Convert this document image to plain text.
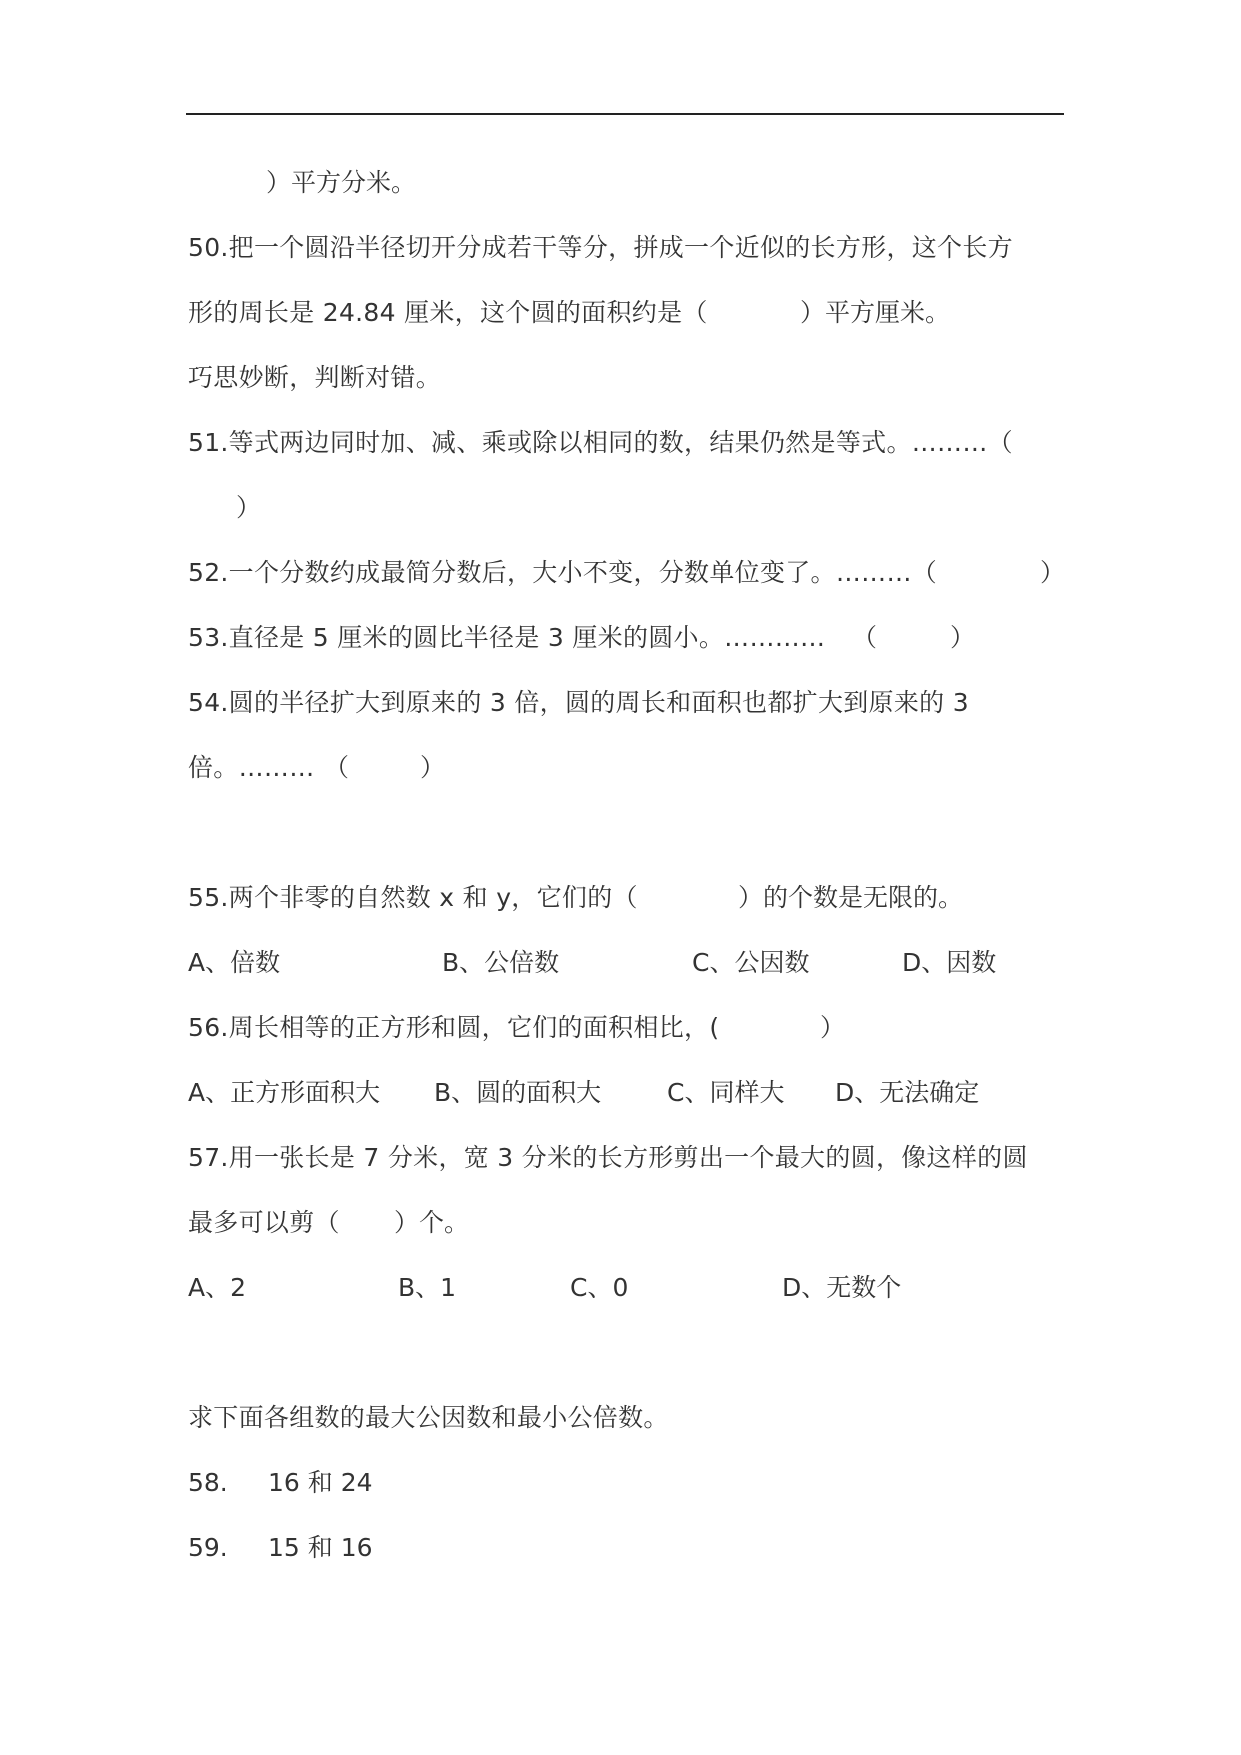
）平方分米。
50.把一个圆沿半径切开分成若干等分，拼成一个近似的长方形，这个长方
形的周长是 24.84 厘米，这个圆的面积约是（	）平方厘米。
巧思妙断，判断对错。
51.等式两边同时加、减、乘或除以相同的数，结果仍然是等式。………（
）
52.一个分数约成最简分数后，大小不变，分数单位变了。………（	）
53.直径是 5 厘米的圆比半径是 3 厘米的圆小。………… （	）
54.圆的半径扩大到原来的 3 倍，圆的周长和面积也都扩大到原来的 3
倍。……… （	）
55.两个非零的自然数 x 和 y，它们的（	）的个数是无限的。
A、倍数	B、公倍数	C、公因数	D、因数
56.周长相等的正方形和圆，它们的面积相比，(	）
A、正方形面积大 B、圆的面积大	C、同样大 D、无法确定
57.用一张长是 7 分米，宽 3 分米的长方形剪出一个最大的圆，像这样的圆
最多可以剪（ ）个。
A、2	B、1	C、0	D、无数个
求下面各组数的最大公因数和最小公倍数。
58. 16 和 24
59. 15 和 16
